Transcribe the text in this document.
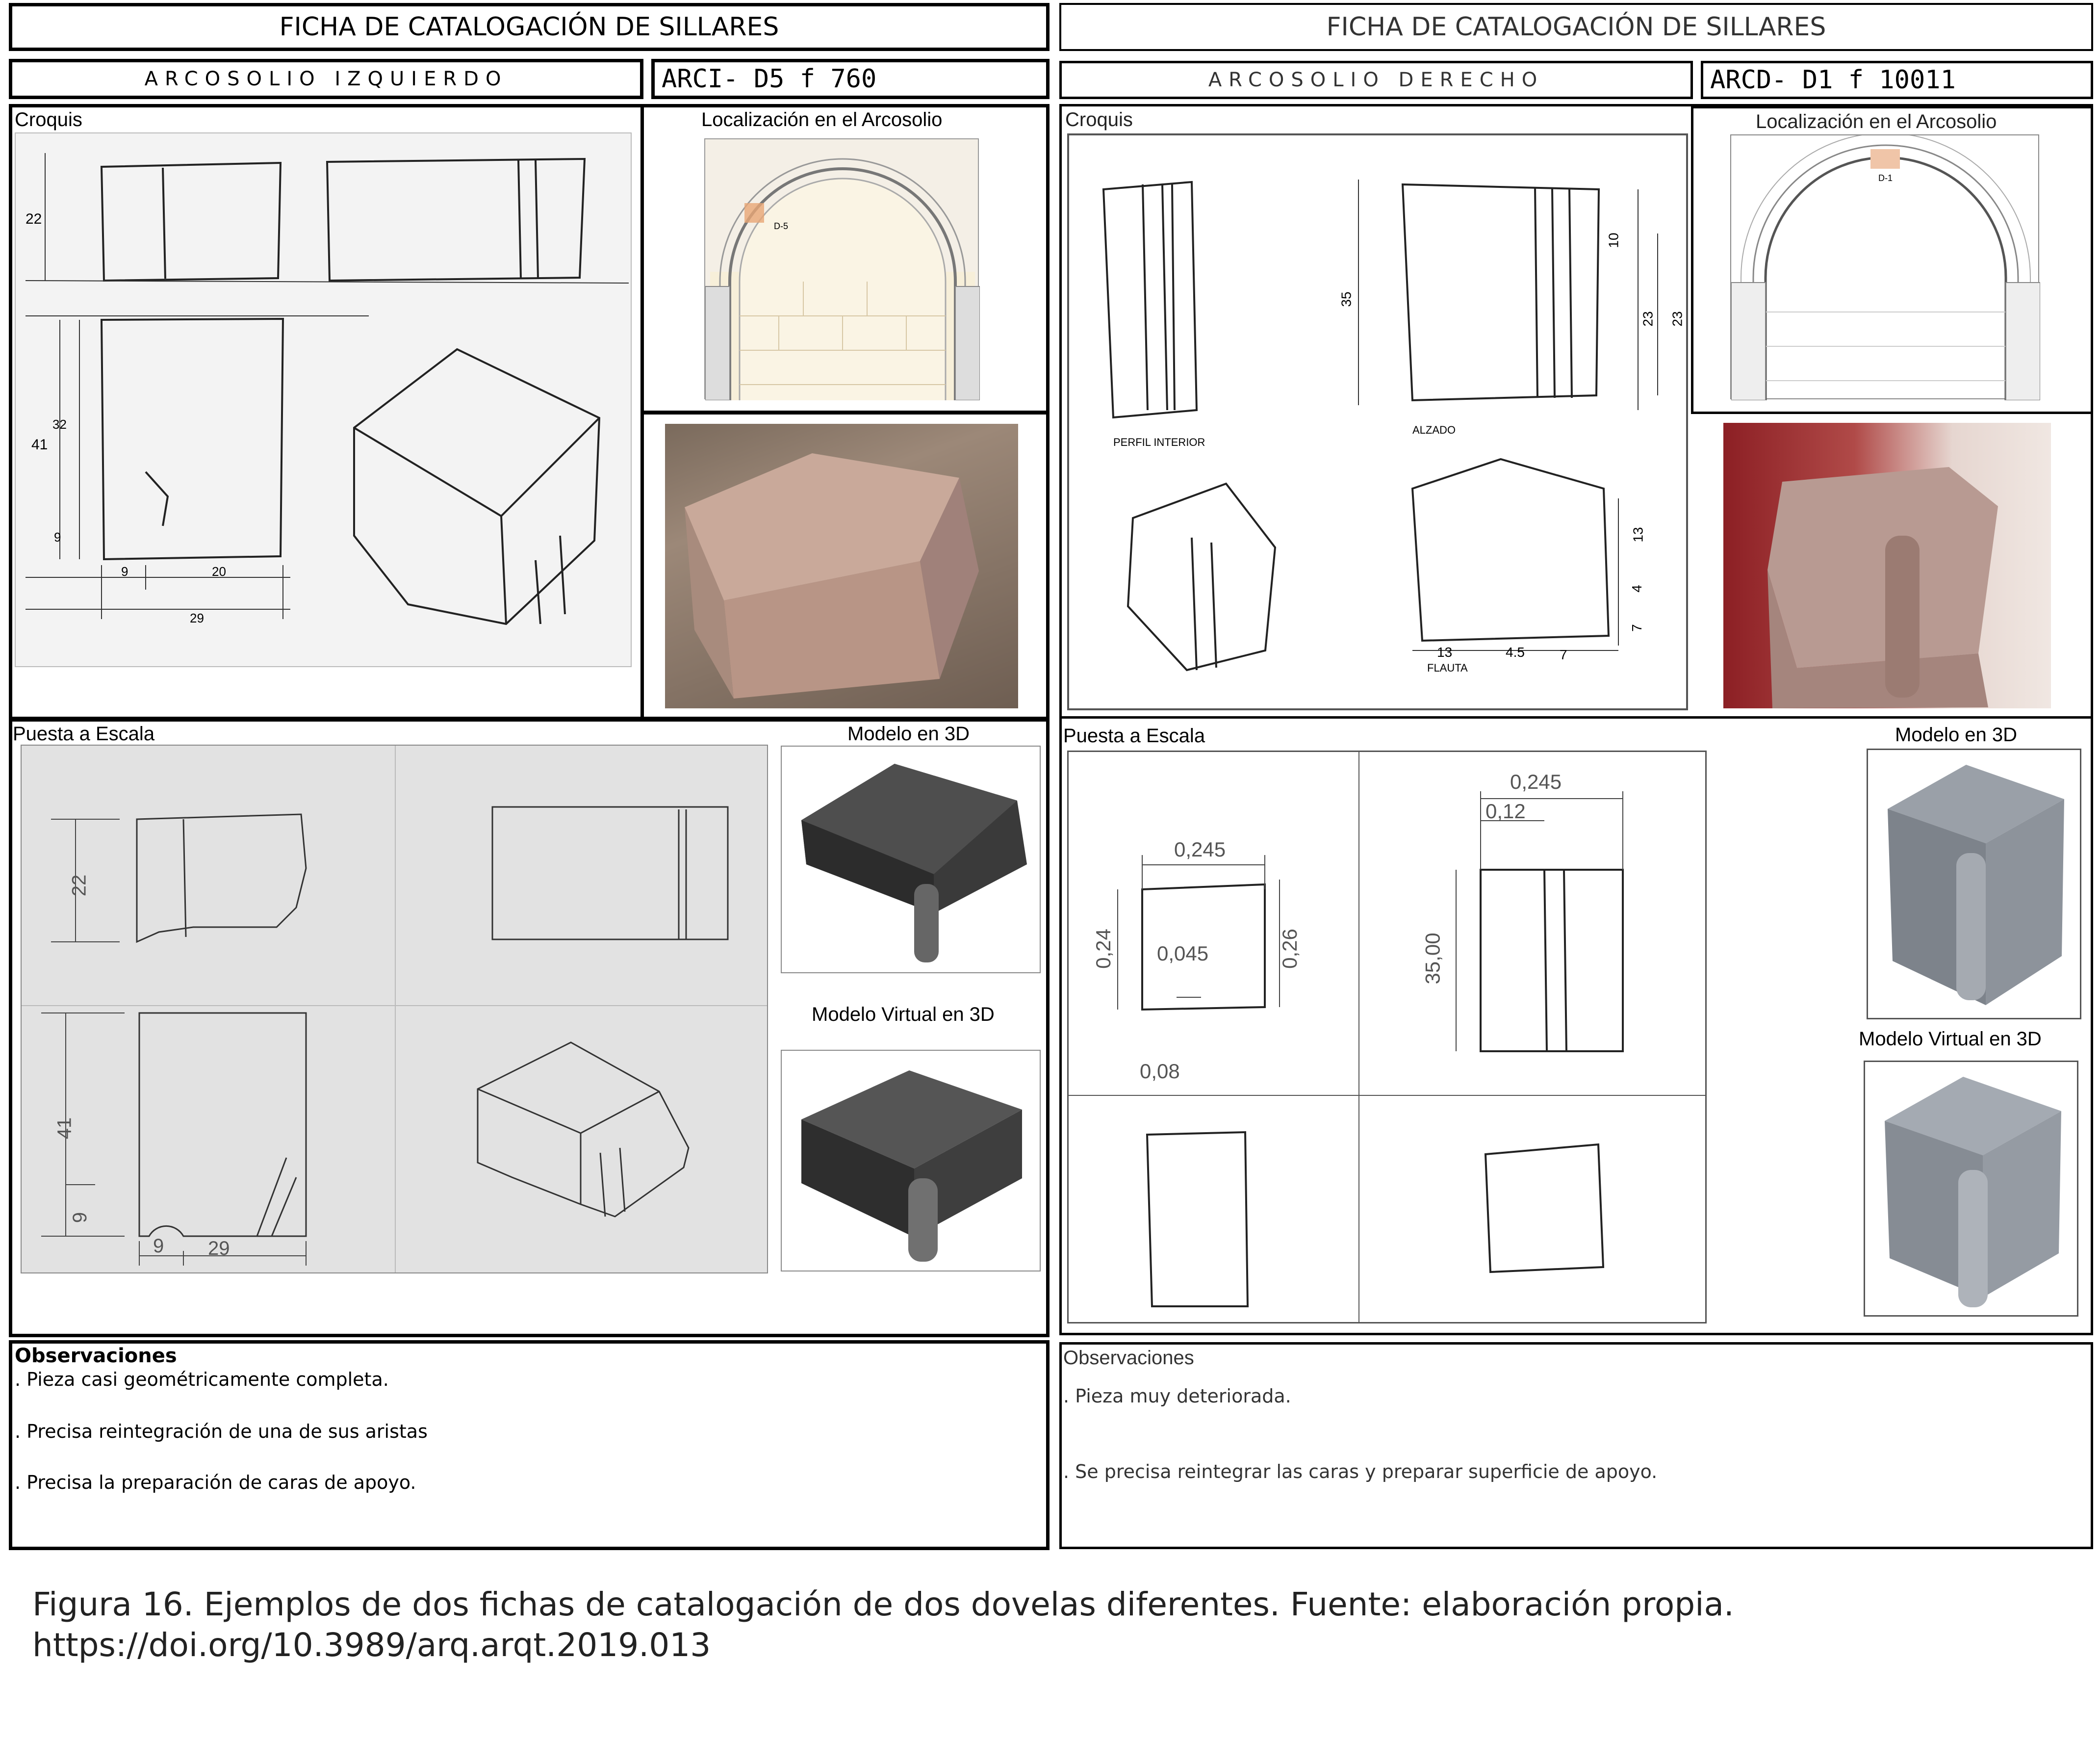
FICHA DE CATALOGACIÓN DE SILLARES
ARCOSOLIO IZQUIERDO	ARCI- D5 f 760
Croquis	Localización en el Arcosolio
22
41
32
9
9	20
29
D-5
Puesta a Escala	Modelo en 3D
Modelo Virtual en 3D
22
41
9
9 29
Observaciones
. Pieza casi geométricamente completa.
. Precisa reintegración de una de sus aristas
. Precisa la preparación de caras de apoyo.
FICHA DE CATALOGACIÓN DE SILLARES
ARCOSOLIO DERECHO	ARCD- D1 f 10011
Croquis	Localización en el Arcosolio
PERFIL INTERIOR
ALZADO
FLAUTA
35
10
23 23
13
4
7
13	4.5	7
D-1
Puesta a Escala	Modelo en 3D
Modelo Virtual en 3D
0,245
0,24 0,045	0,26
0,08
0,245
0,12
35,00
Observaciones
. Pieza muy deteriorada.
. Se precisa reintegrar las caras y preparar superficie de apoyo.
Figura 16. Ejemplos de dos fichas de catalogación de dos dovelas diferentes. Fuente: elaboración propia.
https://doi.org/10.3989/arq.arqt.2019.013
